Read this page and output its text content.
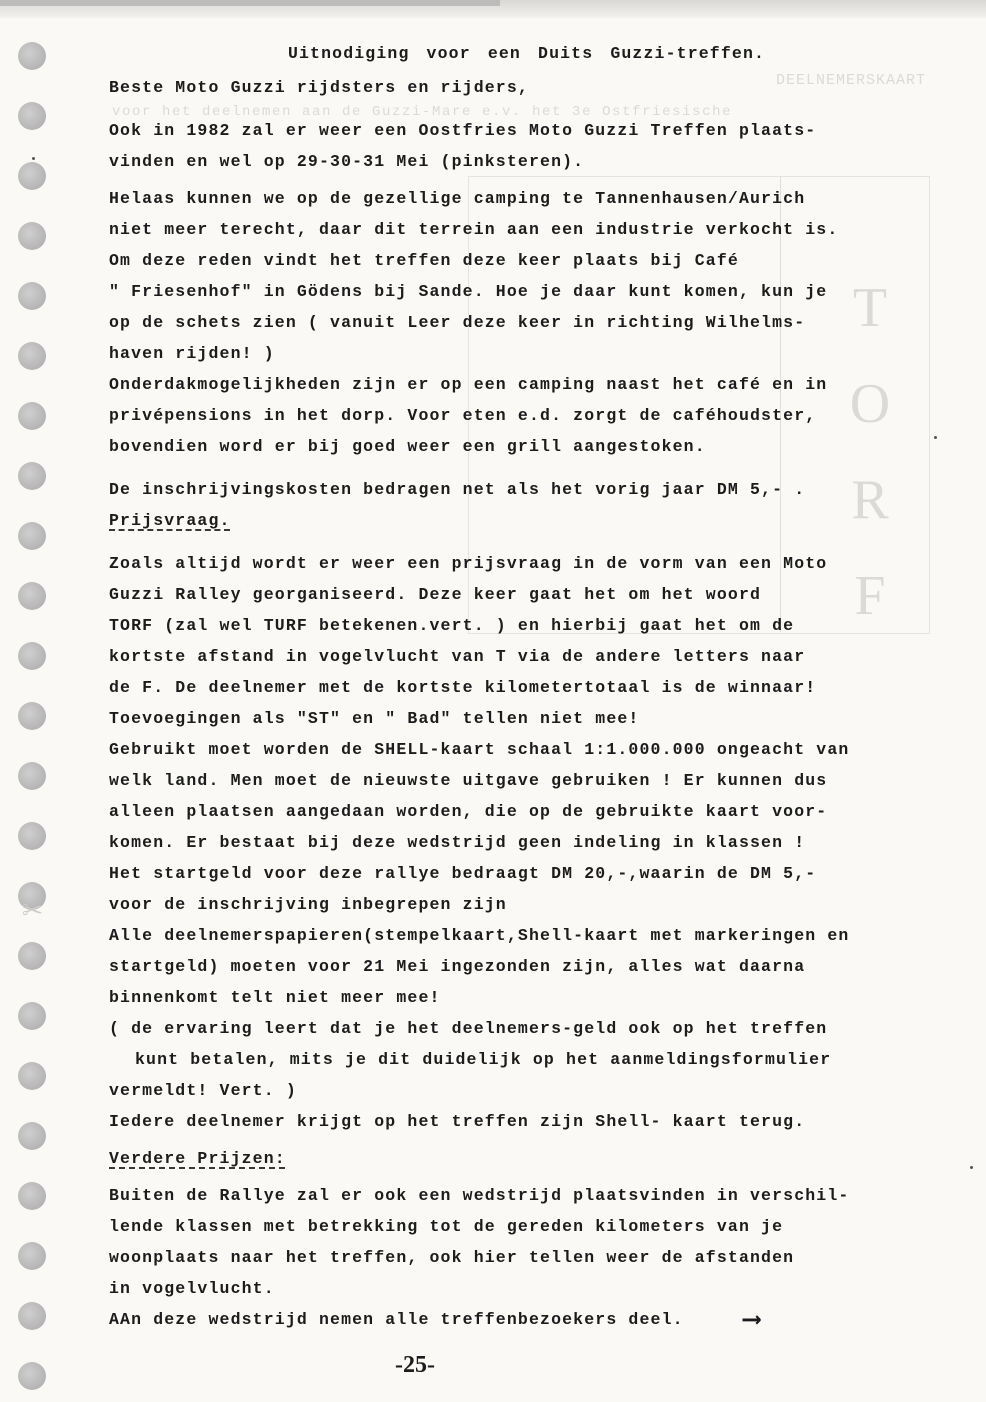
T
O
R
F
DEELNEMERSKAART
voor het deelnemen aan de Guzzi-Mare e.v. het 3e Ostfriesische
✂
Uitnodiging voor een Duits Guzzi-treffen.

Beste Moto Guzzi rijdsters en rijders,

Ook in 1982 zal er weer een Oostfries Moto Guzzi Treffen plaats-

vinden en wel op 29-30-31 Mei (pinksteren).

Helaas kunnen we op de gezellige camping te Tannenhausen/Aurich

niet meer terecht, daar dit terrein aan een industrie verkocht is.

Om deze reden vindt het treffen deze keer plaats bij Café

" Friesenhof" in Gödens bij Sande. Hoe je daar kunt komen, kun je

op de schets zien ( vanuit Leer deze keer in richting Wilhelms-

haven rijden! )

Onderdakmogelijkheden zijn er op een camping naast het café en in

privépensions in het dorp. Voor eten e.d. zorgt de caféhoudster,

bovendien word er bij goed weer een grill aangestoken.

De inschrijvingskosten bedragen net als het vorig jaar DM 5,- .

Prijsvraag.

Zoals altijd wordt er weer een prijsvraag in de vorm van een Moto

Guzzi Ralley georganiseerd. Deze keer gaat het om het woord

TORF (zal wel TURF betekenen.vert. ) en hierbij gaat het om de

kortste afstand in vogelvlucht van T via de andere letters naar

de F. De deelnemer met de kortste kilometertotaal is de winnaar!

Toevoegingen als "ST" en " Bad" tellen niet mee!

Gebruikt moet worden de SHELL-kaart schaal 1:1.000.000 ongeacht van

welk land. Men moet de nieuwste uitgave gebruiken ! Er kunnen dus

alleen plaatsen aangedaan worden, die op de gebruikte kaart voor-

komen. Er bestaat bij deze wedstrijd geen indeling in klassen !

Het startgeld voor deze rallye bedraagt DM 20,-,waarin de DM 5,-

voor de inschrijving inbegrepen zijn

Alle deelnemerspapieren(stempelkaart,Shell-kaart met markeringen en

startgeld) moeten voor 21 Mei ingezonden zijn, alles wat daarna

binnenkomt telt niet meer mee!

( de ervaring leert dat je het deelnemers-geld ook op het treffen

kunt betalen, mits je dit duidelijk op het aanmeldingsformulier

vermeldt! Vert. )

Iedere deelnemer krijgt op het treffen zijn Shell- kaart terug.

Verdere Prijzen:

Buiten de Rallye zal er ook een wedstrijd plaatsvinden in verschil-

lende klassen met betrekking tot de gereden kilometers van je

woonplaats naar het treffen, ook hier tellen weer de afstanden

in vogelvlucht.

AAn deze wedstrijd nemen alle treffenbezoekers deel. ⟶
-25-
